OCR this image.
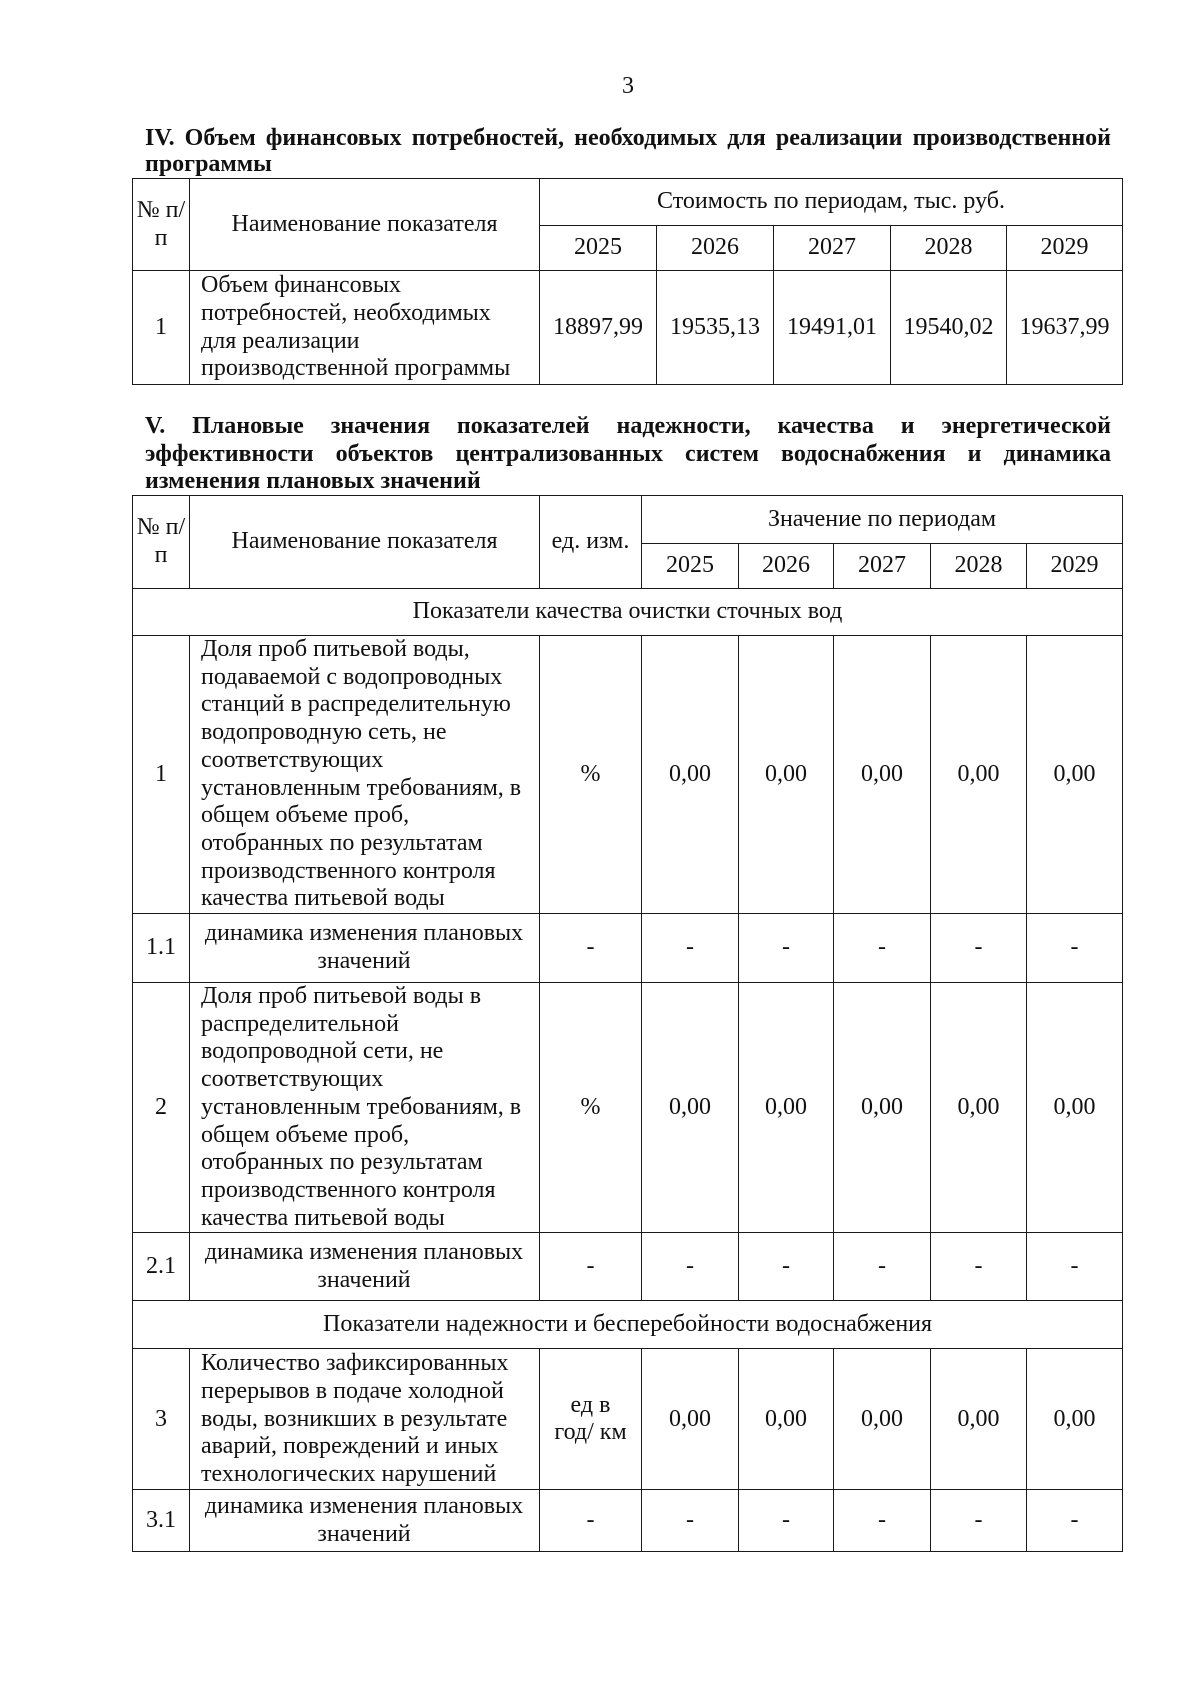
3

IV. Объем финансовых потребностей, необходимых для реализации производственной программы

№ п/п	Наименование показателя	Стоимость по периодам, тыс. руб.				
		2025	2026	2027	2028	2029
1	Объем финансовых потребностей, необходимых для реализации производственной программы	18897,99	19535,13	19491,01	19540,02	19637,99

V. Плановые значения показателей надежности, качества и энергетической эффективности объектов централизованных систем водоснабжения и динамика изменения плановых значений

№ п/п	Наименование показателя	ед. изм.	Значение по периодам				
			2025	2026	2027	2028	2029
Показатели качества очистки сточных вод							
1	Доля проб питьевой воды, подаваемой с водопроводных станций в распределительную водопроводную сеть, не соответствующих установленным требованиям, в общем объеме проб, отобранных по результатам производственного контроля качества питьевой воды	%	0,00	0,00	0,00	0,00	0,00
1.1	динамика изменения плановых значений	-	-	-	-	-	-
2	Доля проб питьевой воды в распределительной водопроводной сети, не соответствующих установленным требованиям, в общем объеме проб, отобранных по результатам производственного контроля качества питьевой воды	%	0,00	0,00	0,00	0,00	0,00
2.1	динамика изменения плановых значений	-	-	-	-	-	-
Показатели надежности и бесперебойности водоснабжения							
3	Количество зафиксированных перерывов в подаче холодной воды, возникших в результате аварий, повреждений и иных технологических нарушений	ед в год/ км	0,00	0,00	0,00	0,00	0,00
3.1	динамика изменения плановых значений	-	-	-	-	-	-
